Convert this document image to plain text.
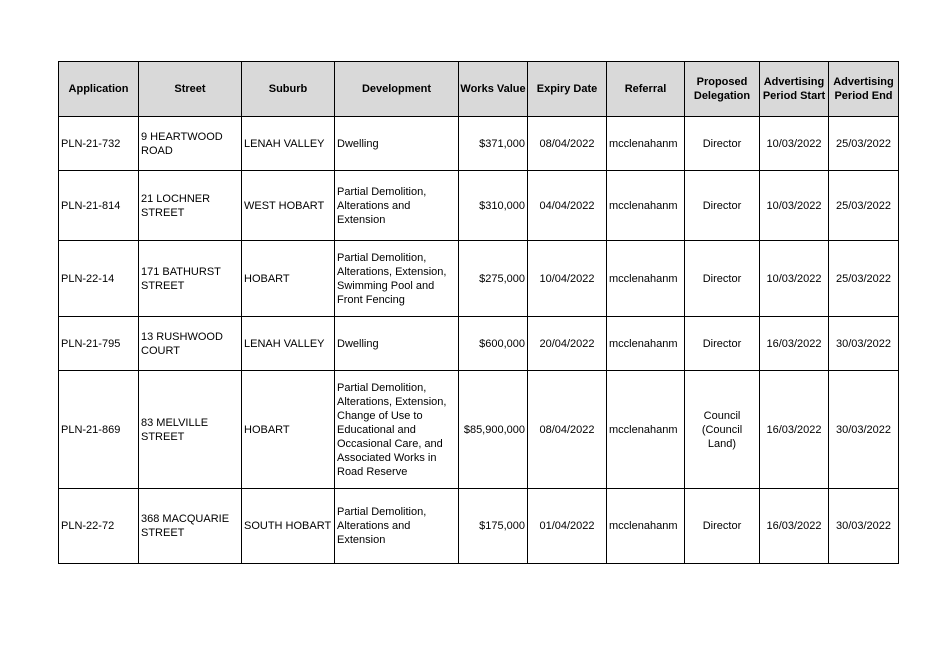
Application	Street	Suburb	Development	Works Value	Expiry Date	Referral	Proposed Delegation	Advertising Period Start	Advertising Period End
PLN-21-732	9 HEARTWOOD ROAD	LENAH VALLEY	Dwelling	$371,000	08/04/2022	mcclenahanm	Director	10/03/2022	25/03/2022
PLN-21-814	21 LOCHNER STREET	WEST HOBART	Partial Demolition, Alterations and Extension	$310,000	04/04/2022	mcclenahanm	Director	10/03/2022	25/03/2022
PLN-22-14	171 BATHURST STREET	HOBART	Partial Demolition, Alterations, Extension, Swimming Pool and Front Fencing	$275,000	10/04/2022	mcclenahanm	Director	10/03/2022	25/03/2022
PLN-21-795	13 RUSHWOOD COURT	LENAH VALLEY	Dwelling	$600,000	20/04/2022	mcclenahanm	Director	16/03/2022	30/03/2022
PLN-21-869	83 MELVILLE STREET	HOBART	Partial Demolition, Alterations, Extension, Change of Use to Educational and Occasional Care, and Associated Works in Road Reserve	$85,900,000	08/04/2022	mcclenahanm	Council (Council Land)	16/03/2022	30/03/2022
PLN-22-72	368 MACQUARIE STREET	SOUTH HOBART	Partial Demolition, Alterations and Extension	$175,000	01/04/2022	mcclenahanm	Director	16/03/2022	30/03/2022
